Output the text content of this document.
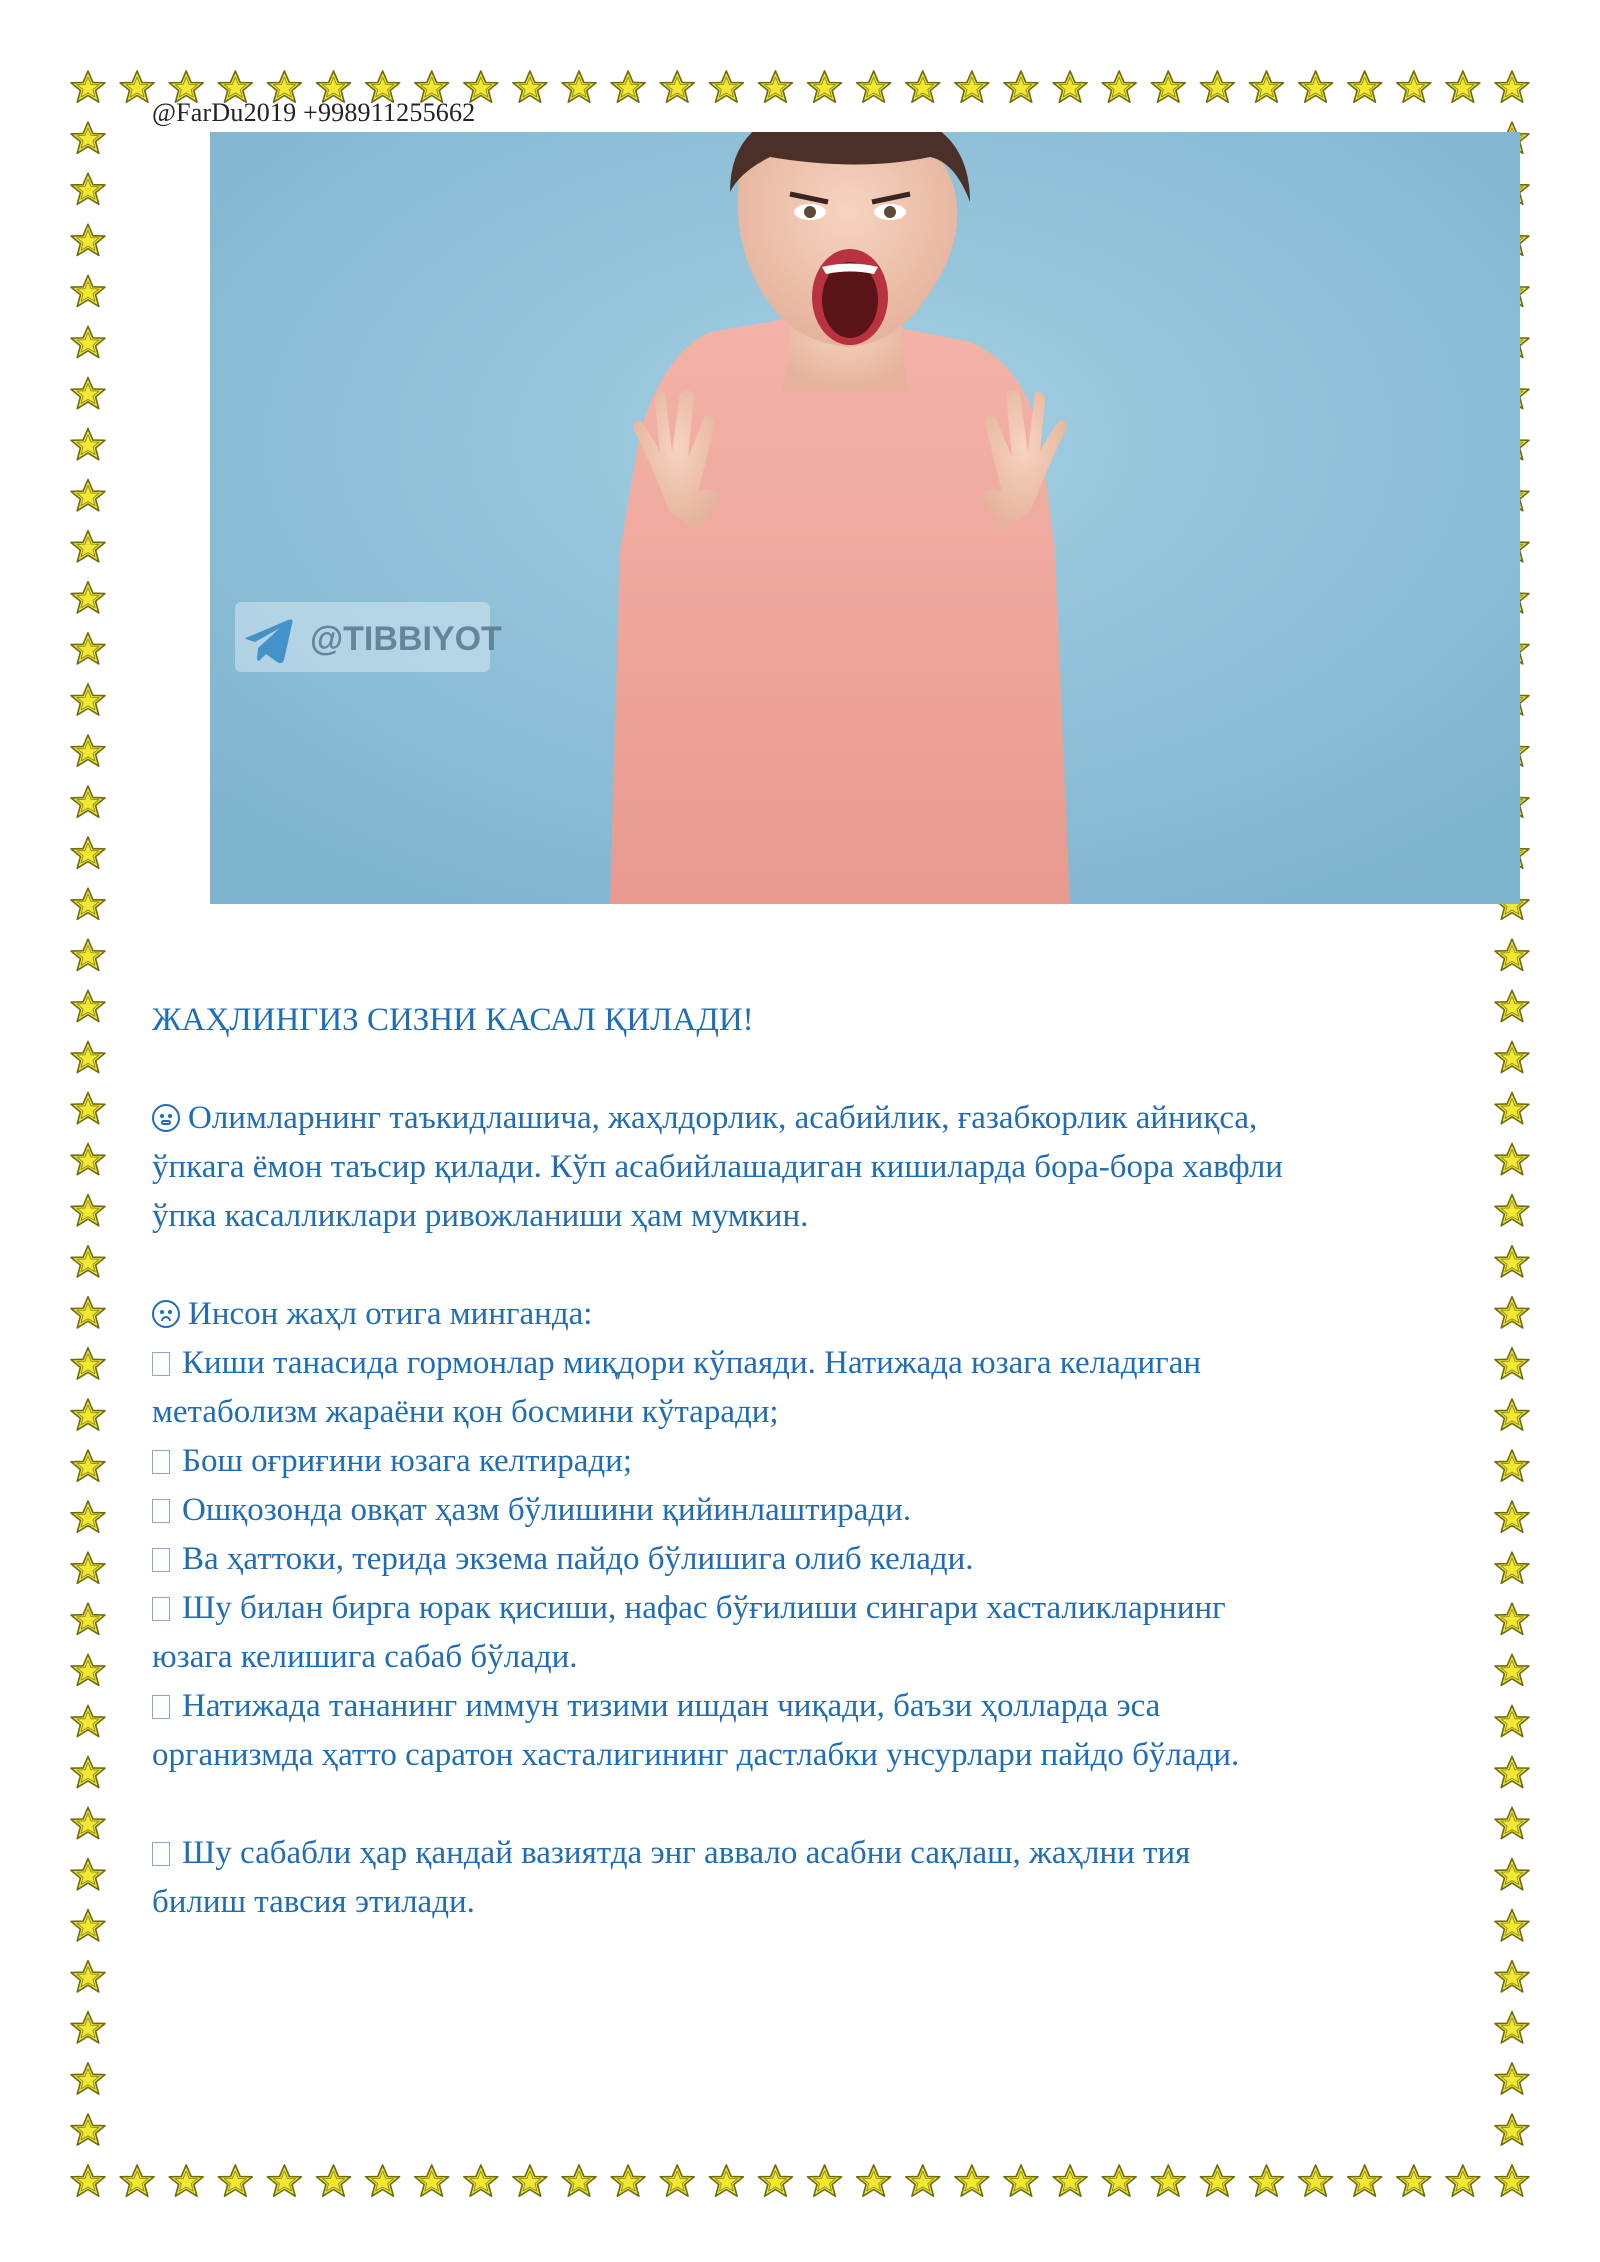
@FarDu2019 +998911255662
@TIBBIYOT
ЖАҲЛИНГИЗ СИЗНИ КАСАЛ ҚИЛАДИ!
Олимларнинг таъкидлашича, жаҳлдорлик, асабийлик, ғазабкорлик айниқса,
ўпкага ёмон таъсир қилади. Кўп асабийлашадиган кишиларда бора-бора хавфли
ўпка касалликлари ривожланиши ҳам мумкин.
Инсон жаҳл отига минганда:
Киши танасида гормонлар миқдори кўпаяди. Натижада юзага келадиган
метаболизм жараёни қон босмини кўтаради;
Бош оғриғини юзага келтиради;
Ошқозонда овқат ҳазм бўлишини қийинлаштиради.
Ва ҳаттоки, терида экзема пайдо бўлишига олиб келади.
Шу билан бирга юрак қисиши, нафас бўғилиши сингари хасталикларнинг
юзага келишига сабаб бўлади.
Натижада тананинг иммун тизими ишдан чиқади, баъзи ҳолларда эса
организмда ҳатто саратон хасталигининг дастлабки унсурлари пайдо бўлади.
Шу сабабли ҳар қандай вазиятда энг аввало асабни сақлаш, жаҳлни тия
билиш тавсия этилади.
